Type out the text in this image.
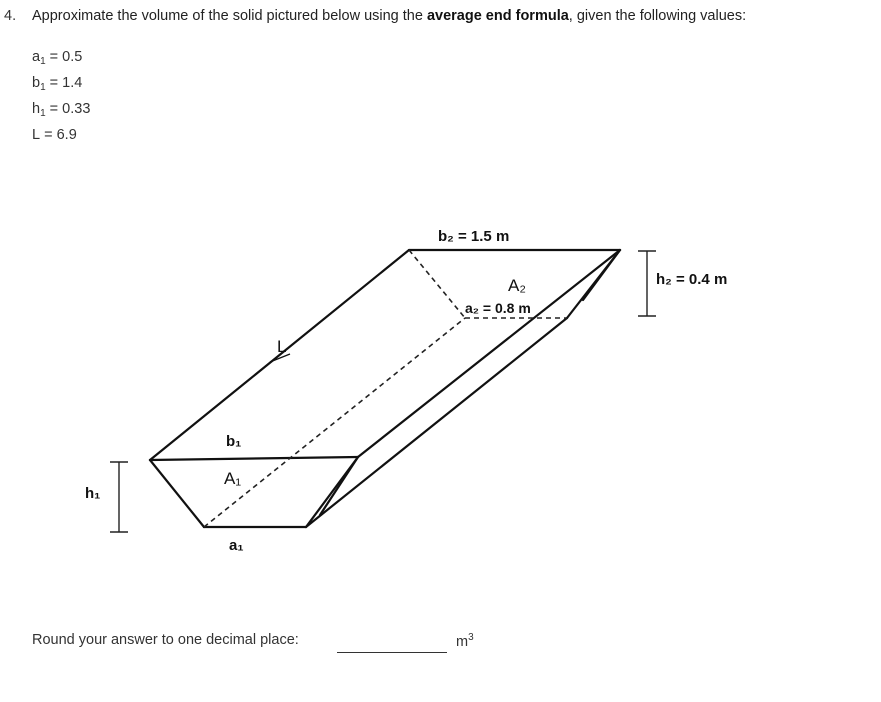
4. Approximate the volume of the solid pictured below using the average end formula, given the following values:
$a_1 = 0.5$
$b_1 = 1.4$
$h_1 = 0.33$
L = 6.9
b₂ = 1.5 m
A₂
a₂ = 0.8 m
h₂ = 0.4 m
L
b₁
A₁
a₁
h₁
Round your answer to one decimal place:	$m^3$
